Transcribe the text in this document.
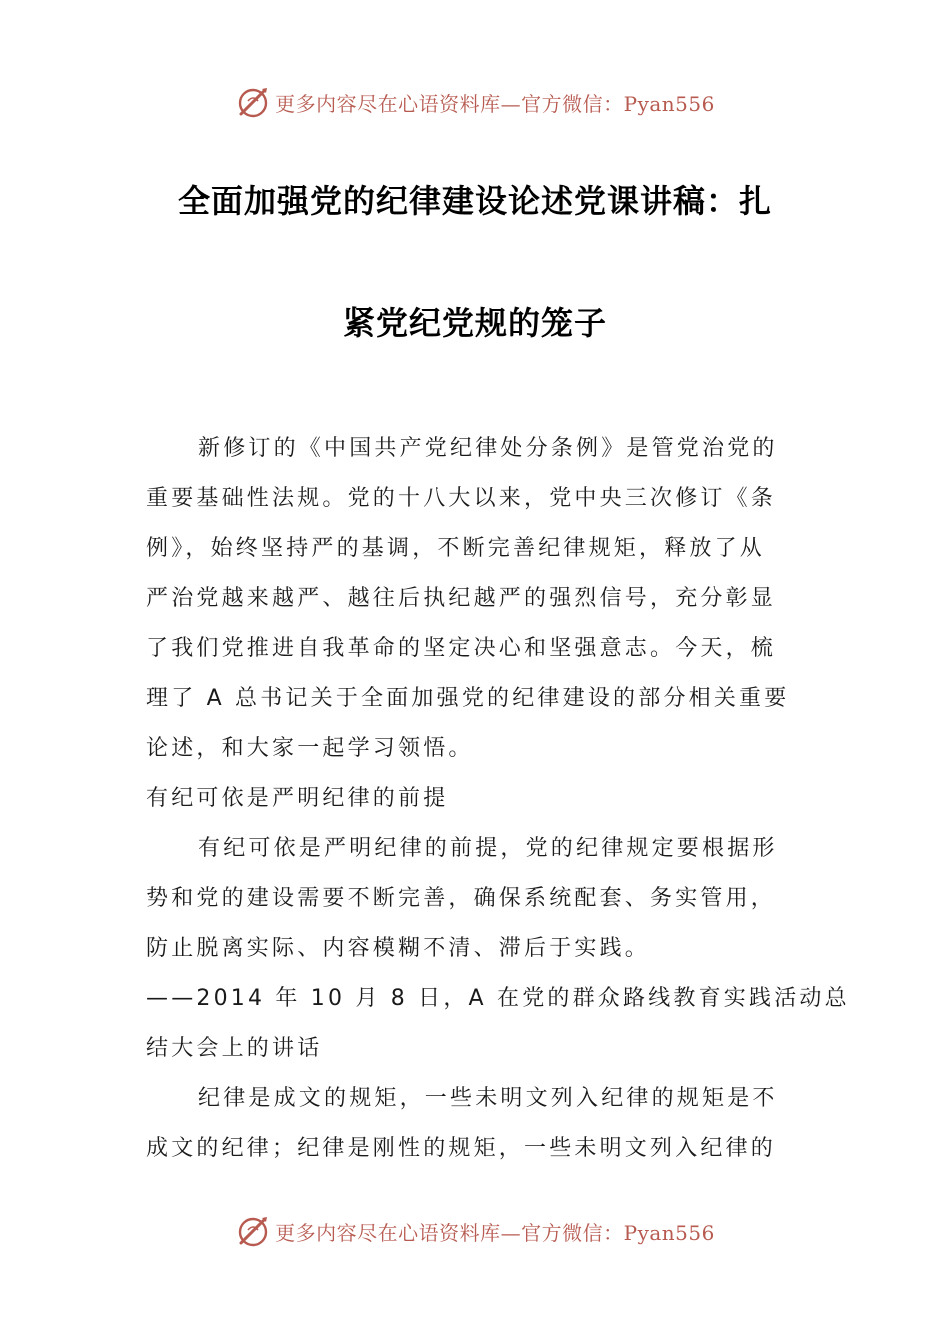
更多内容尽在心语资料库—官方微信：Pyan556
全面加强党的纪律建设论述党课讲稿：扎
紧党纪党规的笼子
新修订的《中国共产党纪律处分条例》是管党治党的
重要基础性法规。党的十八大以来，党中央三次修订《条
例》，始终坚持严的基调，不断完善纪律规矩，释放了从
严治党越来越严、越往后执纪越严的强烈信号，充分彰显
了我们党推进自我革命的坚定决心和坚强意志。今天，梳
理了 A 总书记关于全面加强党的纪律建设的部分相关重要
论述，和大家一起学习领悟。
有纪可依是严明纪律的前提
有纪可依是严明纪律的前提，党的纪律规定要根据形
势和党的建设需要不断完善，确保系统配套、务实管用，
防止脱离实际、内容模糊不清、滞后于实践。
——2014 年 10 月 8 日，A 在党的群众路线教育实践活动总
结大会上的讲话
纪律是成文的规矩，一些未明文列入纪律的规矩是不
成文的纪律；纪律是刚性的规矩，一些未明文列入纪律的
更多内容尽在心语资料库—官方微信：Pyan556
